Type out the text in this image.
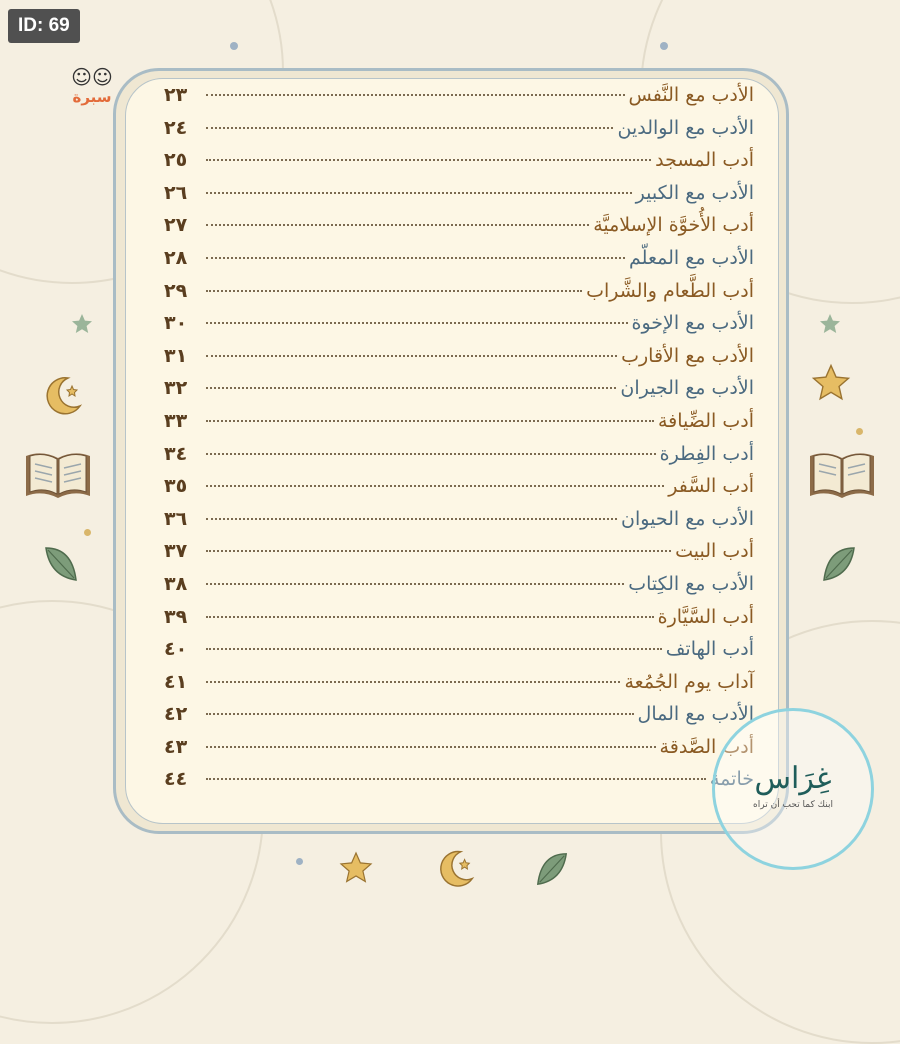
ID: 69
☺☺
سبرة	الأدب مع النَّفس
٢٣
الأدب مع الوالدين
٢٤
أدب المسجد
٢٥
الأدب مع الكبير
٢٦
أدب الأُخوَّة الإسلاميَّة
٢٧
الأدب مع المعلّم
٢٨
أدب الطَّعام والشَّراب
٢٩
الأدب مع الإخوة
٣٠
الأدب مع الأقارب
٣١
الأدب مع الجيران
٣٢
أدب الضِّيافة
٣٣
أدب الفِطرة
٣٤
أدب السَّفر
٣٥
الأدب مع الحيوان
٣٦
أدب البيت
٣٧
الأدب مع الكِتاب
٣٨
أدب السَّيَّارة
٣٩
أدب الهاتف
٤٠
آداب يوم الجُمُعة
٤١
الأدب مع المال
٤٢
أدب الصَّدقة
٤٣
خاتمة
٤٤	غِرَاس
ابنك كما تحب أن تراه
